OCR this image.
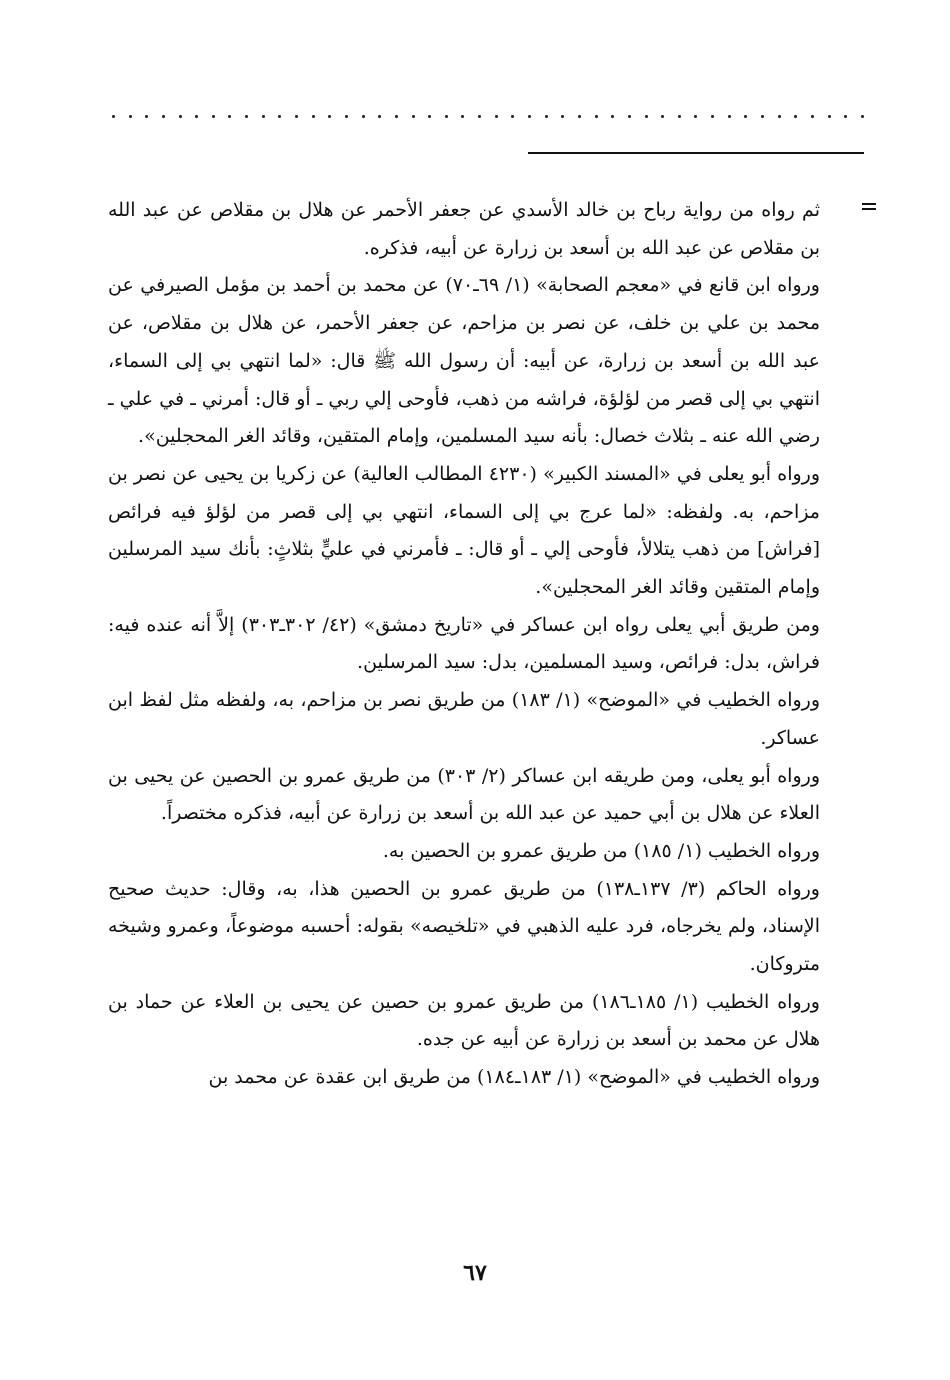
ثم رواه من رواية رباح بن خالد الأسدي عن جعفر الأحمر عن هلال بن مقلاص عن عبد الله بن مقلاص عن عبد الله بن أسعد بن زرارة عن أبيه، فذكره.

ورواه ابن قانع في «معجم الصحابة» (١/ ٦٩ـ٧٠) عن محمد بن أحمد بن مؤمل الصيرفي عن محمد بن علي بن خلف، عن نصر بن مزاحم، عن جعفر الأحمر، عن هلال بن مقلاص، عن عبد الله بن أسعد بن زرارة، عن أبيه: أن رسول الله ﷺ قال: «لما انتهي بي إلى السماء، انتهي بي إلى قصر من لؤلؤة، فراشه من ذهب، فأوحى إلي ربي ـ أو قال: أمرني ـ في علي ـ رضي الله عنه ـ بثلاث خصال: بأنه سيد المسلمين، وإمام المتقين، وقائد الغر المحجلين».

ورواه أبو يعلى في «المسند الكبير» (٤٢٣٠ المطالب العالية) عن زكريا بن يحيى عن نصر بن مزاحم، به. ولفظه: «لما عرج بي إلى السماء، انتهي بي إلى قصر من لؤلؤ فيه فرائص [فراش] من ذهب يتلالأ، فأوحى إلي ـ أو قال: ـ فأمرني في عليٍّ بثلاثٍ: بأنك سيد المرسلين وإمام المتقين وقائد الغر المحجلين».

ومن طريق أبي يعلى رواه ابن عساكر في «تاريخ دمشق» (٤٢/ ٣٠٢ـ٣٠٣) إلاَّ أنه عنده فيه: فراش، بدل: فرائص، وسيد المسلمين، بدل: سيد المرسلين.

ورواه الخطيب في «الموضح» (١/ ١٨٣) من طريق نصر بن مزاحم، به، ولفظه مثل لفظ ابن عساكر.

ورواه أبو يعلى، ومن طريقه ابن عساكر (٢/ ٣٠٣) من طريق عمرو بن الحصين عن يحيى بن العلاء عن هلال بن أبي حميد عن عبد الله بن أسعد بن زرارة عن أبيه، فذكره مختصراً.

ورواه الخطيب (١/ ١٨٥) من طريق عمرو بن الحصين به.

ورواه الحاكم (٣/ ١٣٧ـ١٣٨) من طريق عمرو بن الحصين هذا، به، وقال: حديث صحيح الإسناد، ولم يخرجاه، فرد عليه الذهبي في «تلخيصه» بقوله: أحسبه موضوعاً، وعمرو وشيخه متروكان.

ورواه الخطيب (١/ ١٨٥ـ١٨٦) من طريق عمرو بن حصين عن يحيى بن العلاء عن حماد بن هلال عن محمد بن أسعد بن زرارة عن أبيه عن جده.

ورواه الخطيب في «الموضح» (١/ ١٨٣ـ١٨٤) من طريق ابن عقدة عن محمد بن

٦٧
